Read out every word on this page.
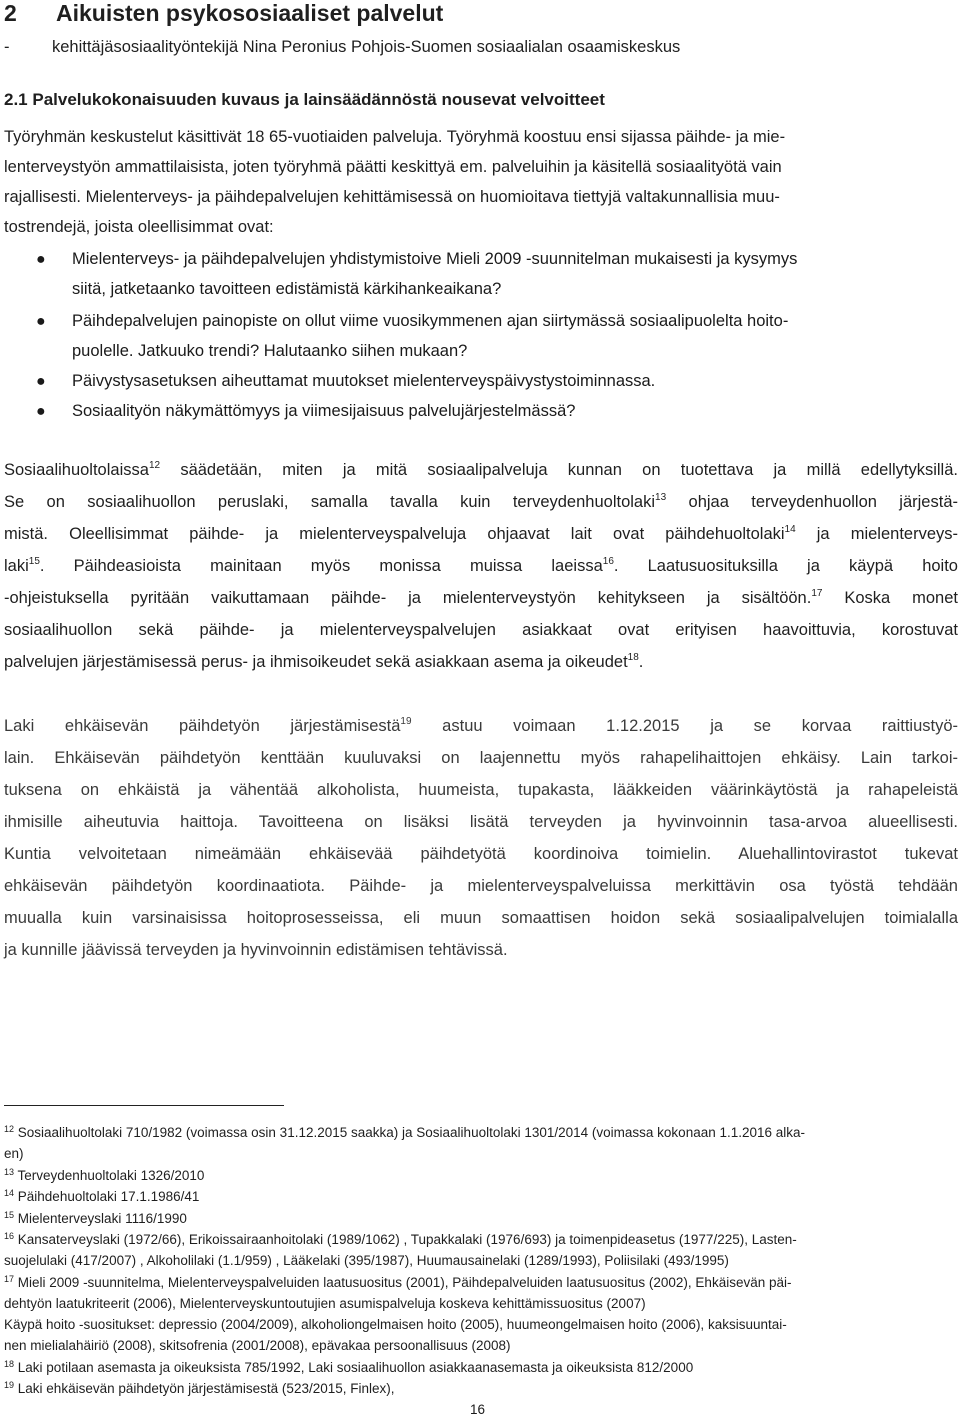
2 Aikuisten psykososiaaliset palvelut
-	kehittäjäsosiaalityöntekijä Nina Peronius Pohjois-Suomen sosiaalialan osaamiskeskus
2.1 Palvelukokonaisuuden kuvaus ja lainsäädännöstä nousevat velvoitteet
Työryhmän keskustelut käsittivät 18 65-vuotiaiden palveluja. Työryhmä koostuu ensi sijassa päihde- ja mie-
lenterveystyön ammattilaisista, joten työryhmä päätti keskittyä em. palveluihin ja käsitellä sosiaalityötä vain
rajallisesti. Mielenterveys- ja päihdepalvelujen kehittämisessä on huomioitava tiettyjä valtakunnallisia muu-
tostrendejä, joista oleellisimmat ovat:
● Mielenterveys- ja päihdepalvelujen yhdistymistoive Mieli 2009 -suunnitelman mukaisesti ja kysymys
siitä, jatketaanko tavoitteen edistämistä kärkihankeaikana?
● Päihdepalvelujen painopiste on ollut viime vuosikymmenen ajan siirtymässä sosiaalipuolelta hoito-
puolelle. Jatkuuko trendi? Halutaanko siihen mukaan?
● Päivystysasetuksen aiheuttamat muutokset mielenterveyspäivystystoiminnassa.
● Sosiaalityön näkymättömyys ja viimesijaisuus palvelujärjestelmässä?
Sosiaalihuoltolaissa$^{12}$ säädetään, miten ja mitä sosiaalipalveluja kunnan on tuotettava ja millä edellytyksillä.
Se on sosiaalihuollon peruslaki, samalla tavalla kuin terveydenhuoltolaki$^{13}$ ohjaa terveydenhuollon järjestä-
mistä. Oleellisimmat päihde- ja mielenterveyspalveluja ohjaavat lait ovat päihdehuoltolaki$^{14}$ ja mielenterveys-
laki$^{15}$. Päihdeasioista mainitaan myös monissa muissa laeissa$^{16}$. Laatusuosituksilla ja käypä hoito
-ohjeistuksella pyritään vaikuttamaan päihde- ja mielenterveystyön kehitykseen ja sisältöön.$^{17}$ Koska monet
sosiaalihuollon sekä päihde- ja mielenterveyspalvelujen asiakkaat ovat erityisen haavoittuvia, korostuvat
palvelujen järjestämisessä perus- ja ihmisoikeudet sekä asiakkaan asema ja oikeudet$^{18}$.
Laki ehkäisevän päihdetyön järjestämisestä$^{19}$ astuu voimaan 1.12.2015 ja se korvaa raittiustyö-
lain. Ehkäisevän päihdetyön kenttään kuuluvaksi on laajennettu myös rahapelihaittojen ehkäisy. Lain tarkoi-
tuksena on ehkäistä ja vähentää alkoholista, huumeista, tupakasta, lääkkeiden väärinkäytöstä ja rahapeleistä
ihmisille aiheutuvia haittoja. Tavoitteena on lisäksi lisätä terveyden ja hyvinvoinnin tasa-arvoa alueellisesti.
Kuntia velvoitetaan nimeämään ehkäisevää päihdetyötä koordinoiva toimielin. Aluehallintovirastot tukevat
ehkäisevän päihdetyön koordinaatiota. Päihde- ja mielenterveyspalveluissa merkittävin osa työstä tehdään
muualla kuin varsinaisissa hoitoprosesseissa, eli muun somaattisen hoidon sekä sosiaalipalvelujen toimialalla
ja kunnille jäävissä terveyden ja hyvinvoinnin edistämisen tehtävissä.
$^{12}$ Sosiaalihuoltolaki 710/1982 (voimassa osin 31.12.2015 saakka) ja Sosiaalihuoltolaki 1301/2014 (voimassa kokonaan 1.1.2016 alka-
en)
$^{13}$ Terveydenhuoltolaki 1326/2010
$^{14}$ Päihdehuoltolaki 17.1.1986/41
$^{15}$ Mielenterveyslaki 1116/1990
$^{16}$ Kansaterveyslaki (1972/66), Erikoissairaanhoitolaki (1989/1062) , Tupakkalaki (1976/693) ja toimenpideasetus (1977/225), Lasten-
suojelulaki (417/2007) , Alkoholilaki (1.1/959) , Lääkelaki (395/1987), Huumausainelaki (1289/1993), Poliisilaki (493/1995)
$^{17}$ Mieli 2009 -suunnitelma, Mielenterveyspalveluiden laatusuositus (2001), Päihdepalveluiden laatusuositus (2002), Ehkäisevän päi-
dehtyön laatukriteerit (2006), Mielenterveyskuntoutujien asumispalveluja koskeva kehittämissuositus (2007)
Käypä hoito -suositukset: depressio (2004/2009), alkoholiongelmaisen hoito (2005), huumeongelmaisen hoito (2006), kaksisuuntai-
nen mielialahäiriö (2008), skitsofrenia (2001/2008), epävakaa persoonallisuus (2008)
$^{18}$ Laki potilaan asemasta ja oikeuksista 785/1992, Laki sosiaalihuollon asiakkaanasemasta ja oikeuksista 812/2000
$^{19}$ Laki ehkäisevän päihdetyön järjestämisestä (523/2015, Finlex),
16
